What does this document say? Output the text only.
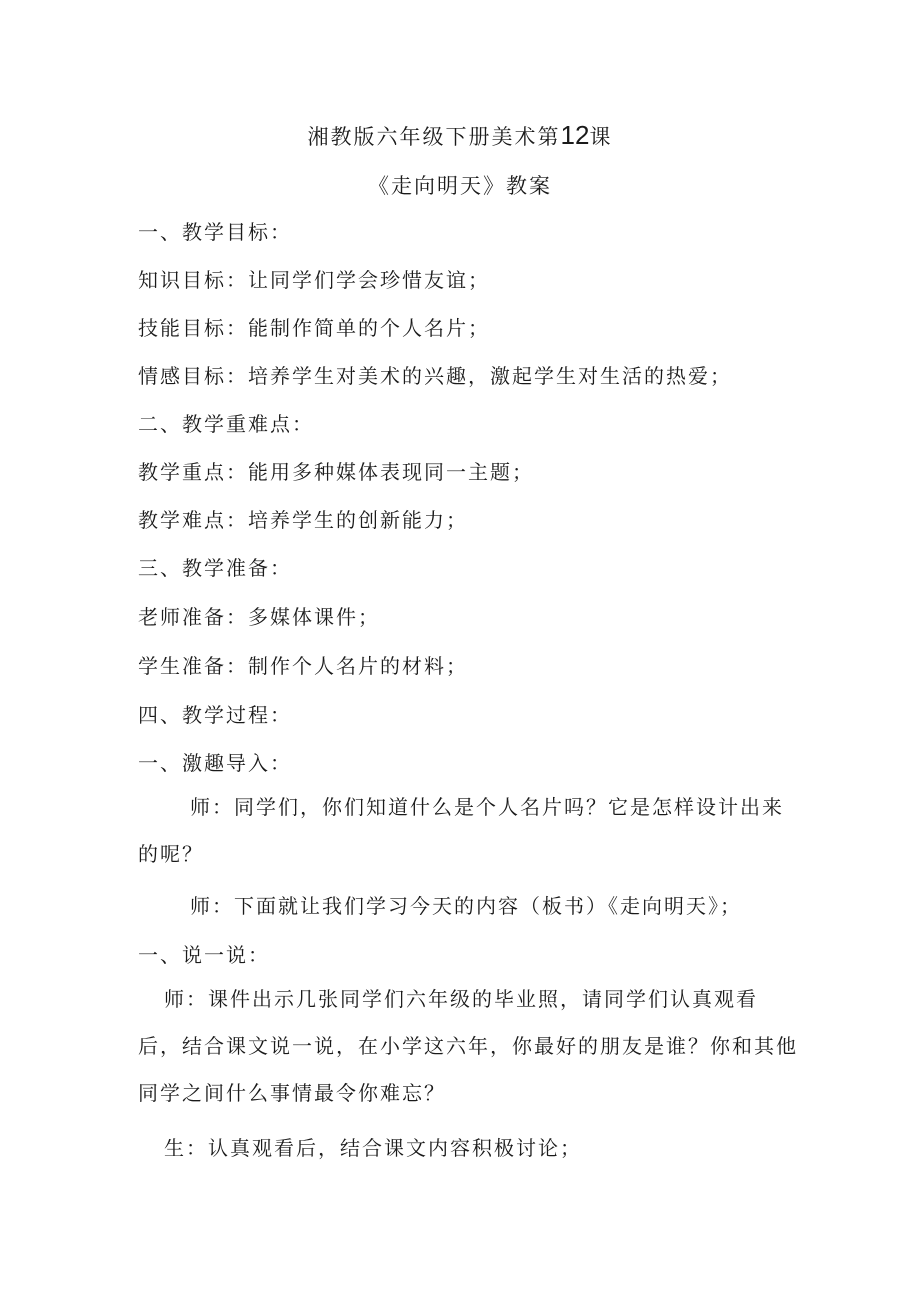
湘教版六年级下册美术第12课
《走向明天》教案
一、教学目标：
知识目标：让同学们学会珍惜友谊；
技能目标：能制作简单的个人名片；
情感目标：培养学生对美术的兴趣，激起学生对生活的热爱；
二、教学重难点：
教学重点：能用多种媒体表现同一主题；
教学难点：培养学生的创新能力；
三、教学准备：
老师准备：多媒体课件；
学生准备：制作个人名片的材料；
四、教学过程：
一、激趣导入：
师：同学们，你们知道什么是个人名片吗？它是怎样设计出来的呢？
师：下面就让我们学习今天的内容（板书）《走向明天》；
一、说一说：
师：课件出示几张同学们六年级的毕业照，请同学们认真观看后，结合课文说一说，在小学这六年，你最好的朋友是谁？你和其他同学之间什么事情最令你难忘？
生：认真观看后，结合课文内容积极讨论；
